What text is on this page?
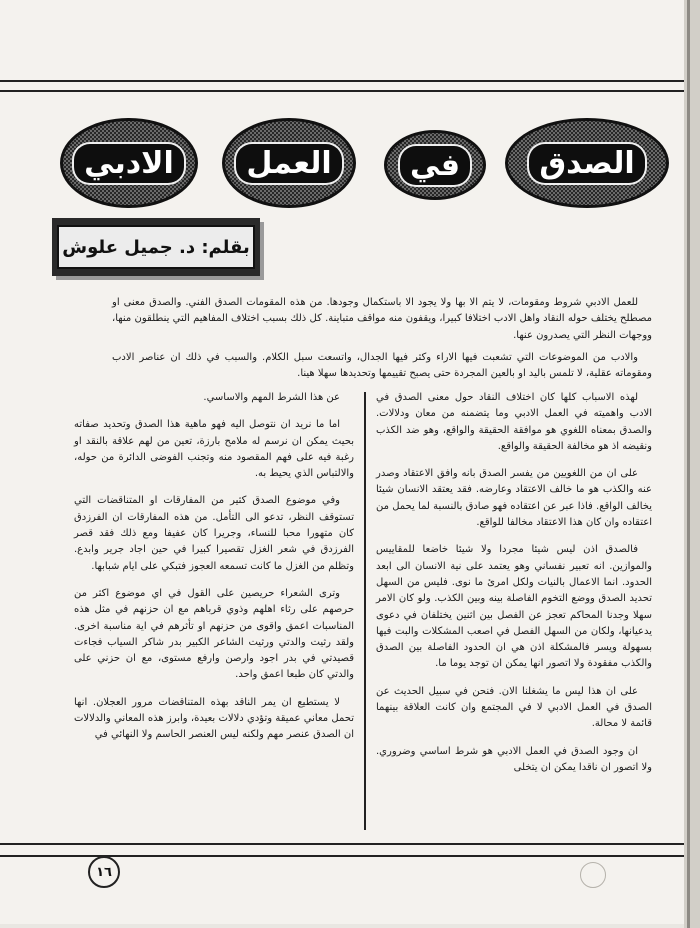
الصدق
في
العمل
الادبي
بقلم: د. جميل علوش

للعمل الادبي شروط ومقومات، لا يتم الا بها ولا يجود الا باستكمال وجودها. من هذه المقومات الصدق الفني. والصدق معنى او مصطلح يختلف حوله النقاد واهل الادب اختلافا كبيرا، ويقفون منه مواقف متباينة. كل ذلك بسبب اختلاف المفاهيم التي ينطلقون منها، ووجهات النظر التي يصدرون عنها.

والادب من الموضوعات التي تشعبت فيها الاراء وكثر فيها الجدال، واتسعت سبل الكلام. والسبب في ذلك ان عناصر الادب ومقوماته عقلية، لا تلمس باليد او بالعين المجردة حتى يصبح تقييمها وتحديدها سهلا هينا.

لهذه الاسباب كلها كان اختلاف النقاد حول معنى الصدق في الادب واهميته في العمل الادبي وما يتضمنه من معان ودلالات. والصدق بمعناه اللغوي هو موافقة الحقيقة والواقع، وهو ضد الكذب ونقيضه اذ هو مخالفة الحقيقة والواقع.

على ان من اللغويين من يفسر الصدق بانه وافق الاعتقاد وصدر عنه والكذب هو ما خالف الاعتقاد وعارضه. فقد يعتقد الانسان شيئا يخالف الواقع. فاذا عبر عن اعتقاده فهو صادق بالنسبة لما يحمل من اعتقاده وان كان هذا الاعتقاد مخالفا للواقع.

فالصدق اذن ليس شيئا مجردا ولا شيئا خاضعا للمقاييس والموازين. انه تعبير نفساني وهو يعتمد على نية الانسان الى ابعد الحدود. انما الاعمال بالنيات ولكل امرئ ما نوى. فليس من السهل تحديد الصدق ووضع التخوم الفاصلة بينه وبين الكذب. ولو كان الامر سهلا وجدنا المحاكم تعجز عن الفصل بين اثنين يختلفان في دعوى يدعيانها، ولكان من السهل الفصل في اصعب المشكلات والبت فيها بسهولة ويسر فالمشكلة اذن هي ان الحدود الفاصلة بين الصدق والكذب مفقودة ولا اتصور انها يمكن ان توجد يوما ما.

على ان هذا ليس ما يشغلنا الان. فنحن في سبيل الحديث عن الصدق في العمل الادبي لا في المجتمع وان كانت العلاقة بينهما قائمة لا محالة.

ان وجود الصدق في العمل الادبي هو شرط اساسي وضروري. ولا اتصور ان ناقدا يمكن ان يتخلى

عن هذا الشرط المهم والاساسي.

اما ما نريد ان نتوصل اليه فهو ماهية هذا الصدق وتحديد صفاته بحيث يمكن ان نرسم له ملامح بارزة، تعين من لهم علاقة بالنقد او رغبة فيه على فهم المقصود منه وتجنب الفوضى الدائرة من حوله، والالتباس الذي يحيط به.

وفي موضوع الصدق كثير من المفارقات او المتناقضات التي تستوقف النظر، تدعو الى التأمل. من هذه المفارقات ان الفرزدق كان متهورا محبا للنساء، وجريرا كان عفيفا ومع ذلك فقد قصر الفرزدق في شعر الغزل تقصيرا كبيرا في حين اجاد جرير وابدع. وتظلم من الغزل ما كانت تسمعه العجوز فتبكي على ايام شبابها.

وترى الشعراء حريصين على القول في اي موضوع اكثر من حرصهم على رثاء اهلهم وذوي قرباهم مع ان حزنهم في مثل هذه المناسبات اعمق واقوى من حزنهم او تأثرهم في اية مناسبة اخرى. ولقد رثيت والدتي ورثيت الشاعر الكبير بدر شاكر السياب فجاءت قصيدتي في بدر اجود وارصن وارفع مستوى، مع ان حزني على والدتي كان طبعا اعمق واحد.

لا يستطيع ان يمر الناقد بهذه المتناقضات مرور العجلان. انها تحمل معاني عميقة وتؤدي دلالات بعيدة، وابرز هذه المعاني والدلالات ان الصدق عنصر مهم ولكنه ليس العنصر الحاسم ولا النهائي في

١٦
